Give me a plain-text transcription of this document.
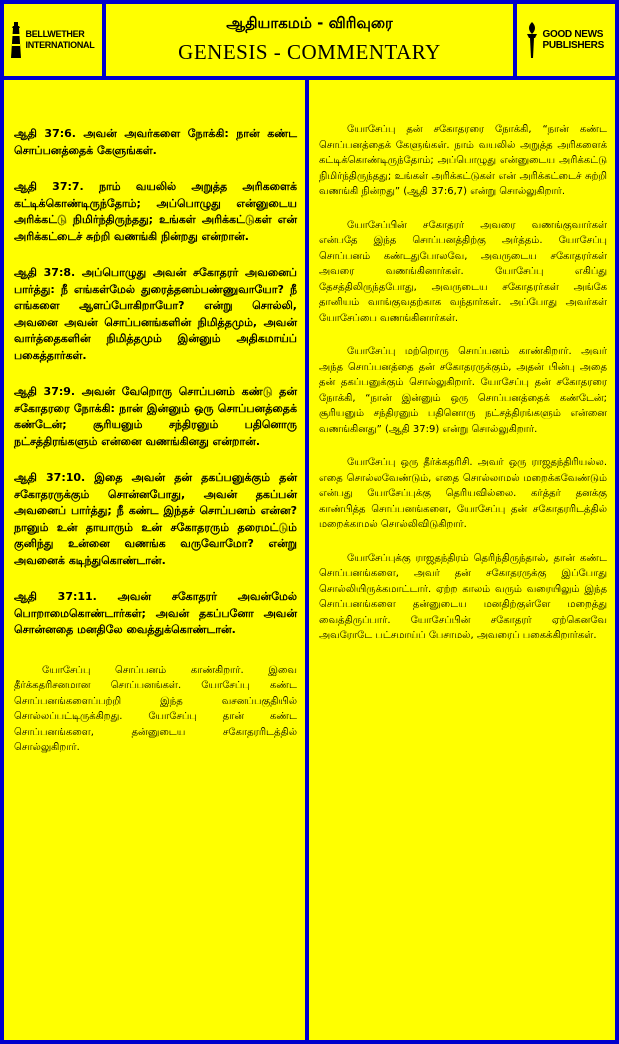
BELLWETHER INTERNATIONAL
ஆதியாகமம் - விரிவுரை
GENESIS - COMMENTARY
GOOD NEWS PUBLISHERS

ஆதி 37:6. அவன் அவர்களை நோக்கி: நான் கண்ட சொப்பனத்தைக் கேளுங்கள்.

ஆதி 37:7. நாம் வயலில் அறுத்த அரிகளைக் கட்டிக்கொண்டிருந்தோம்; அப்பொழுது என்னுடைய அரிக்கட்டு நிமிர்ந்திருந்தது; உங்கள் அரிக்கட்டுகள் என் அரிக்கட்டைச் சுற்றி வணங்கி நின்றது என்றான்.

ஆதி 37:8. அப்பொழுது அவன் சகோதரர் அவனைப் பார்த்து: நீ எங்கள்மேல் துரைத்தனம்பண்ணுவாயோ? நீ எங்களை ஆளப்போகிறாயோ? என்று சொல்லி, அவனை அவன் சொப்பனங்களின் நிமித்தமும், அவன் வார்த்தைகளின் நிமித்தமும் இன்னும் அதிகமாய்ப் பகைத்தார்கள்.

ஆதி 37:9. அவன் வேறொரு சொப்பனம் கண்டு தன் சகோதரரை நோக்கி: நான் இன்னும் ஒரு சொப்பனத்தைக் கண்டேன்; சூரியனும் சந்திரனும் பதினொரு நட்சத்திரங்களும் என்னை வணங்கினது என்றான்.

ஆதி 37:10. இதை அவன் தன் தகப்பனுக்கும் தன் சகோதரருக்கும் சொன்னபோது, அவன் தகப்பன் அவனைப் பார்த்து; நீ கண்ட இந்தச் சொப்பனம் என்ன? நானும் உன் தாயாரும் உன் சகோதரரும் தரைமட்டும் குனிந்து உன்னை வணங்க வருவோமோ? என்று அவனைக் கடிந்துகொண்டான்.

ஆதி 37:11. அவன் சகோதரர் அவன்மேல் பொறாமைகொண்டார்கள்; அவன் தகப்பனோ அவன் சொன்னதை மனதிலே வைத்துக்கொண்டான்.

யோசேப்பு சொப்பனம் காண்கிறார். இவை தீர்க்கதரிசனமான சொப்பனங்கள். யோசேப்பு கண்ட சொப்பனங்களைப்பற்றி இந்த வசனப்பகுதியில் சொல்லப்பட்டிருக்கிறது. யோசேப்பு தான் கண்ட சொப்பனங்களை, தன்னுடைய சகோதரரிடத்தில் சொல்லுகிறார்.

யோசேப்பு தன் சகோதரரை நோக்கி, “நான் கண்ட சொப்பனத்தைக் கேளுங்கள். நாம் வயலில் அறுத்த அரிகளைக் கட்டிக்கொண்டிருந்தோம்; அப்பொழுது என்னுடைய அரிக்கட்டு நிமிர்ந்திருந்தது; உங்கள் அரிக்கட்டுகள் என் அரிக்கட்டைச் சுற்றி வணங்கி நின்றது” (ஆதி 37:6,7) என்று சொல்லுகிறார்.

யோசேப்பின் சகோதரர் அவரை வணங்குவார்கள் என்பதே இந்த சொப்பனத்திற்கு அர்த்தம். யோசேப்பு சொப்பனம் கண்டதுபோலவே, அவருடைய சகோதரர்கள் அவரை வணங்கினார்கள். யோசேப்பு எகிப்து தேசத்திலிருந்தபோது, அவருடைய சகோதரர்கள் அங்கே தானியம் வாங்குவதற்காக வந்தார்கள். அப்போது அவர்கள் யோசேப்பை வணங்கினார்கள்.

யோசேப்பு மற்றொரு சொப்பனம் காண்கிறார். அவர் அந்த சொப்பனத்தை தன் சகோதரருக்கும், அதன் பின்பு அதை தன் தகப்பனுக்கும் சொல்லுகிறார். யோசேப்பு தன் சகோதரரை நோக்கி, “நான் இன்னும் ஒரு சொப்பனத்தைக் கண்டேன்; சூரியனும் சந்திரனும் பதினொரு நட்சத்திரங்களும் என்னை வணங்கினது” (ஆதி 37:9) என்று சொல்லுகிறார்.

யோசேப்பு ஒரு தீர்க்கதரிசி. அவர் ஒரு ராஜதந்திரியல்ல. எதை சொல்லவேண்டும், எதை சொல்லாமல் மறைக்கவேண்டும் என்பது யோசேப்புக்கு தெரியவில்லை. கர்த்தர் தனக்கு காண்பித்த சொப்பனங்களை, யோசேப்பு தன் சகோதரரிடத்தில் மறைக்காமல் சொல்லிவிடுகிறார்.

யோசேப்புக்கு ராஜதந்திரம் தெரிந்திருந்தால், தான் கண்ட சொப்பனங்களை, அவர் தன் சகோதரருக்கு இப்போது சொல்லியிருக்கமாட்டார். ஏற்ற காலம் வரும் வரையிலும் இந்த சொப்பனங்களை தன்னுடைய மனதிற்குள்ளே மறைத்து வைத்திருப்பார். யோசேப்பின் சகோதரர் ஏற்கெனவே அவரோடே பட்சமாய்ப் பேசாமல், அவரைப் பகைக்கிறார்கள்.
